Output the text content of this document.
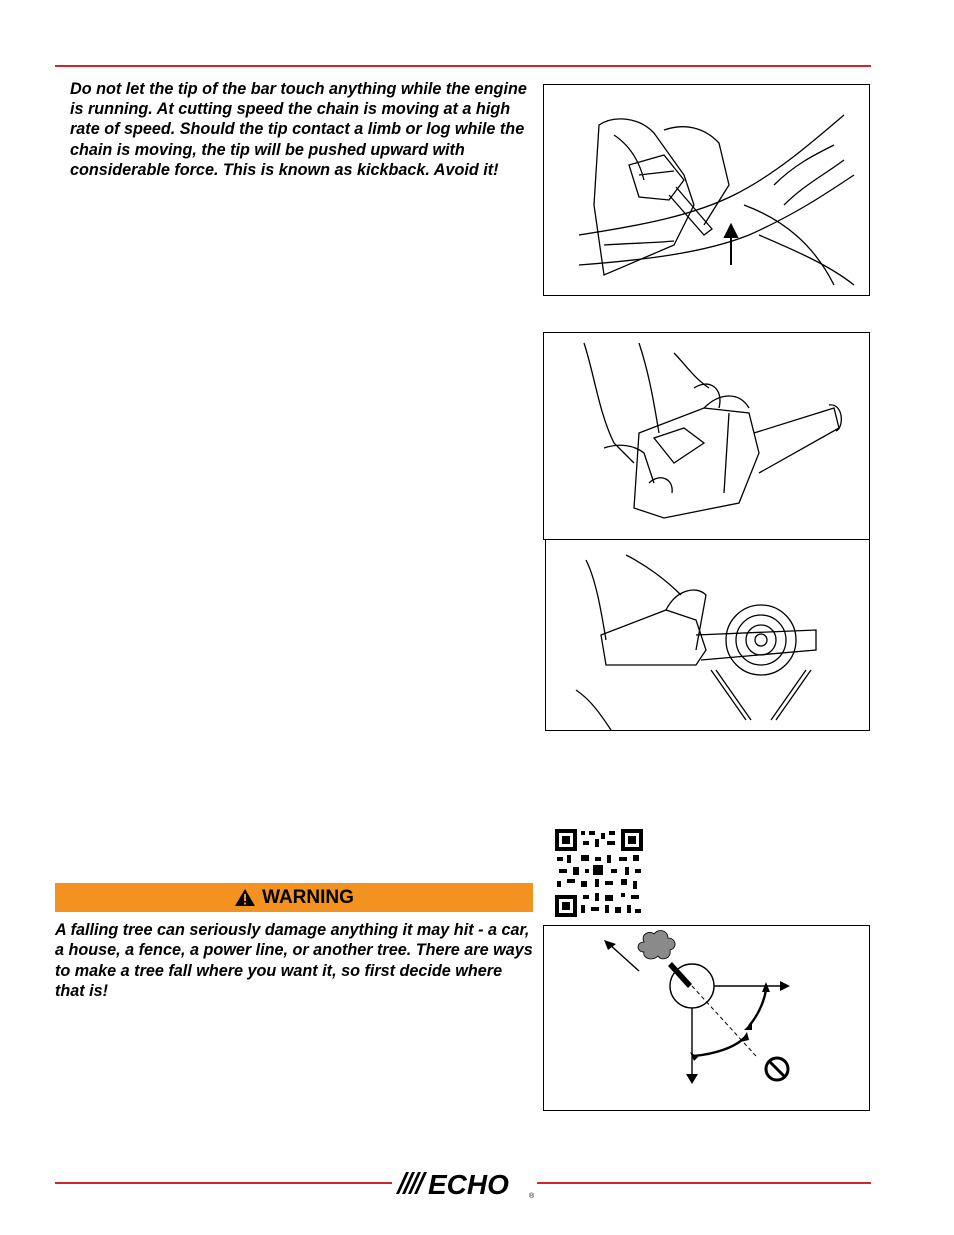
Do not let the tip of the bar touch anything while the engine is running. At cutting speed the chain is moving at a high rate of speed. Should the tip contact a limb or log while the chain is moving, the tip will be pushed upward with considerable force. This is known as kickback. Avoid it!
WARNING
A falling tree can seriously damage anything it may hit - a car, a house, a fence, a power line, or another tree. There are ways to make a tree fall where you want it, so first decide where that is!
ECHO	®
